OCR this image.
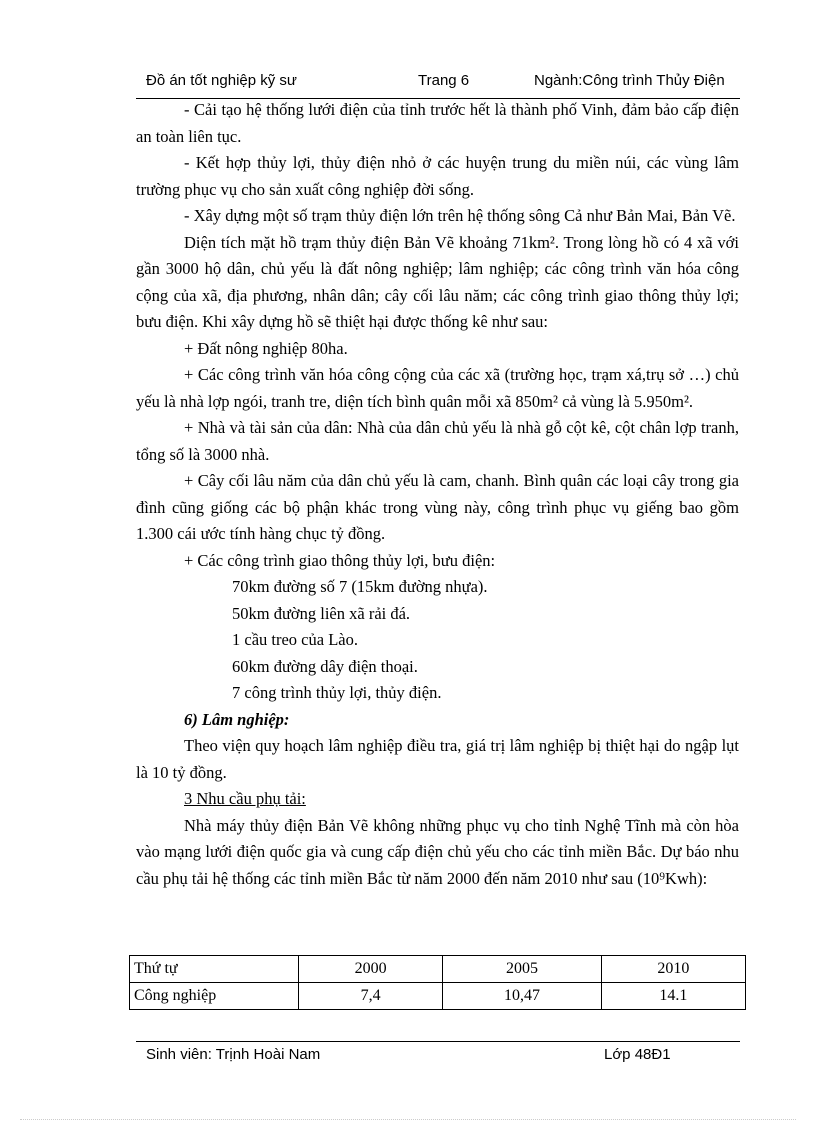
Đồ án tốt nghiệp kỹ sư	Trang 6	Ngành:Công trình Thủy Điện

- Cải tạo hệ thống lưới điện của tỉnh trước hết là thành phố Vinh, đảm bảo cấp điện an toàn liên tục.

- Kết hợp thủy lợi, thủy điện nhỏ ở các huyện trung du miền núi, các vùng lâm trường phục vụ cho sản xuất công nghiệp đời sống.

- Xây dựng một số trạm thủy điện lớn trên hệ thống sông Cả như Bản Mai, Bản Vẽ.

Diện tích mặt hồ trạm thủy điện Bản Vẽ khoảng 71km². Trong lòng hồ có 4 xã với gần 3000 hộ dân, chủ yếu là đất nông nghiệp; lâm nghiệp; các công trình văn hóa công cộng của xã, địa phương, nhân dân; cây cối lâu năm; các công trình giao thông thủy lợi; bưu điện. Khi xây dựng hồ sẽ thiệt hại được thống kê như sau:

+ Đất nông nghiệp 80ha.

+ Các công trình văn hóa công cộng của các xã (trường học, trạm xá,trụ sở …) chủ yếu là nhà lợp ngói, tranh tre, diện tích bình quân mỗi xã 850m² cả vùng là 5.950m².

+ Nhà và tài sản của dân: Nhà của dân chủ yếu là nhà gỗ cột kê, cột chân lợp tranh, tổng số là 3000 nhà.

+ Cây cối lâu năm của dân chủ yếu là cam, chanh. Bình quân các loại cây trong gia đình cũng giống các bộ phận khác trong vùng này, công trình phục vụ giếng bao gồm 1.300 cái ước tính hàng chục tỷ đồng.

+ Các công trình giao thông thủy lợi, bưu điện:

70km đường số 7 (15km đường nhựa).

50km đường liên xã rải đá.

1 cầu treo của Lào.

60km đường dây điện thoại.

7 công trình thủy lợi, thủy điện.

6) Lâm nghiệp:

Theo viện quy hoạch lâm nghiệp điều tra, giá trị lâm nghiệp bị thiệt hại do ngập lụt là 10 tỷ đồng.

3 Nhu cầu phụ tải:

Nhà máy thủy điện Bản Vẽ không những phục vụ cho tỉnh Nghệ Tĩnh mà còn hòa vào mạng lưới điện quốc gia và cung cấp điện chủ yếu cho các tỉnh miền Bắc. Dự báo nhu cầu phụ tải hệ thống các tỉnh miền Bắc từ năm 2000 đến năm 2010 như sau (10⁹Kwh):

Thứ tự	2000	2005	2010
Công nghiệp	7,4	10,47	14.1
Sinh viên: Trịnh Hoài Nam	Lớp 48Đ1
